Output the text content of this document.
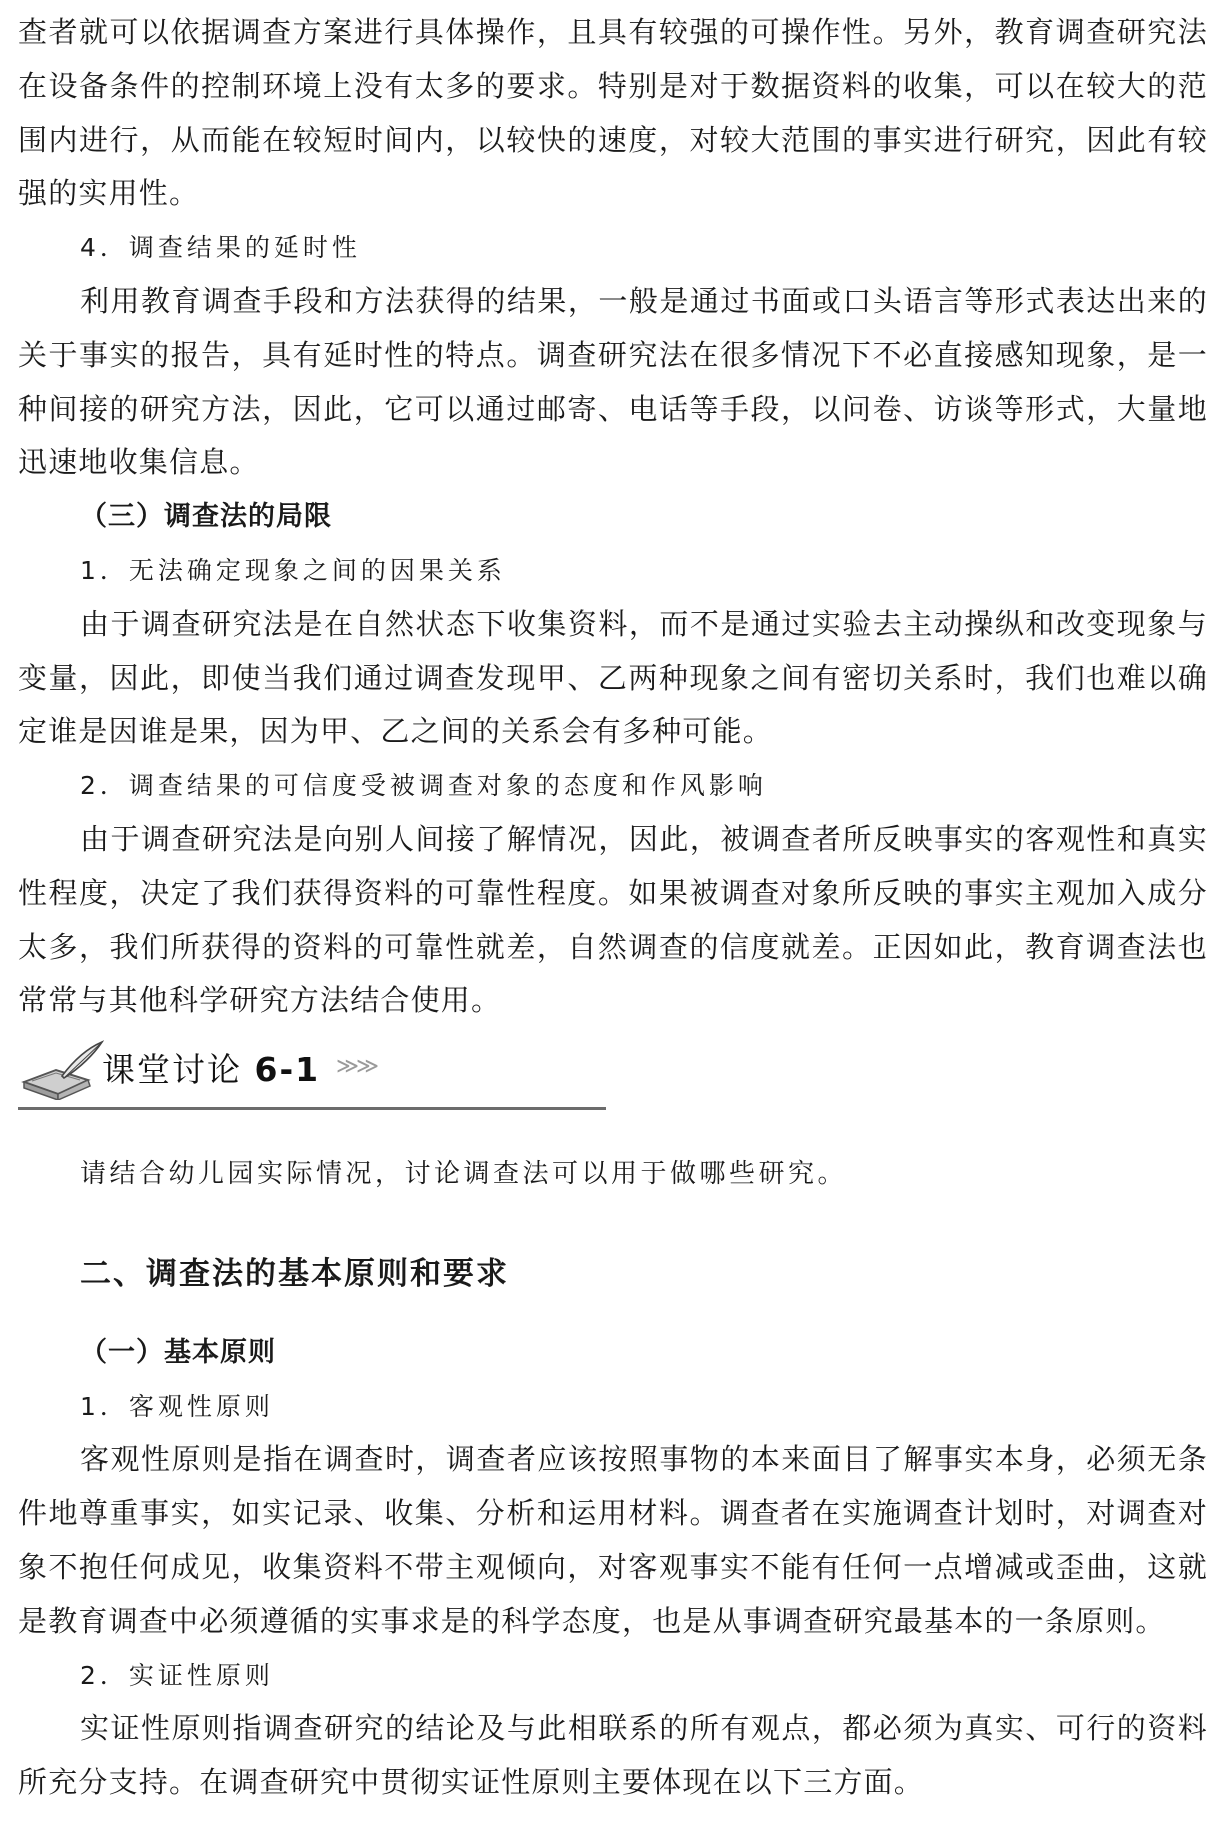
查者就可以依据调查方案进行具体操作，且具有较强的可操作性。另外，教育调查研究法在设备条件的控制环境上没有太多的要求。特别是对于数据资料的收集，可以在较大的范围内进行，从而能在较短时间内，以较快的速度，对较大范围的事实进行研究，因此有较强的实用性。

4．调查结果的延时性

利用教育调查手段和方法获得的结果，一般是通过书面或口头语言等形式表达出来的关于事实的报告，具有延时性的特点。调查研究法在很多情况下不必直接感知现象，是一种间接的研究方法，因此，它可以通过邮寄、电话等手段，以问卷、访谈等形式，大量地迅速地收集信息。

（三）调查法的局限

1．无法确定现象之间的因果关系

由于调查研究法是在自然状态下收集资料，而不是通过实验去主动操纵和改变现象与变量，因此，即使当我们通过调查发现甲、乙两种现象之间有密切关系时，我们也难以确定谁是因谁是果，因为甲、乙之间的关系会有多种可能。

2．调查结果的可信度受被调查对象的态度和作风影响

由于调查研究法是向别人间接了解情况，因此，被调查者所反映事实的客观性和真实性程度，决定了我们获得资料的可靠性程度。如果被调查对象所反映的事实主观加入成分太多，我们所获得的资料的可靠性就差，自然调查的信度就差。正因如此，教育调查法也常常与其他科学研究方法结合使用。

课堂讨论 6-1 ≫≫

请结合幼儿园实际情况，讨论调查法可以用于做哪些研究。

二、调查法的基本原则和要求

（一）基本原则

1．客观性原则

客观性原则是指在调查时，调查者应该按照事物的本来面目了解事实本身，必须无条件地尊重事实，如实记录、收集、分析和运用材料。调查者在实施调查计划时，对调查对象不抱任何成见，收集资料不带主观倾向，对客观事实不能有任何一点增减或歪曲，这就是教育调查中必须遵循的实事求是的科学态度，也是从事调查研究最基本的一条原则。

2．实证性原则

实证性原则指调查研究的结论及与此相联系的所有观点，都必须为真实、可行的资料所充分支持。在调查研究中贯彻实证性原则主要体现在以下三方面。
